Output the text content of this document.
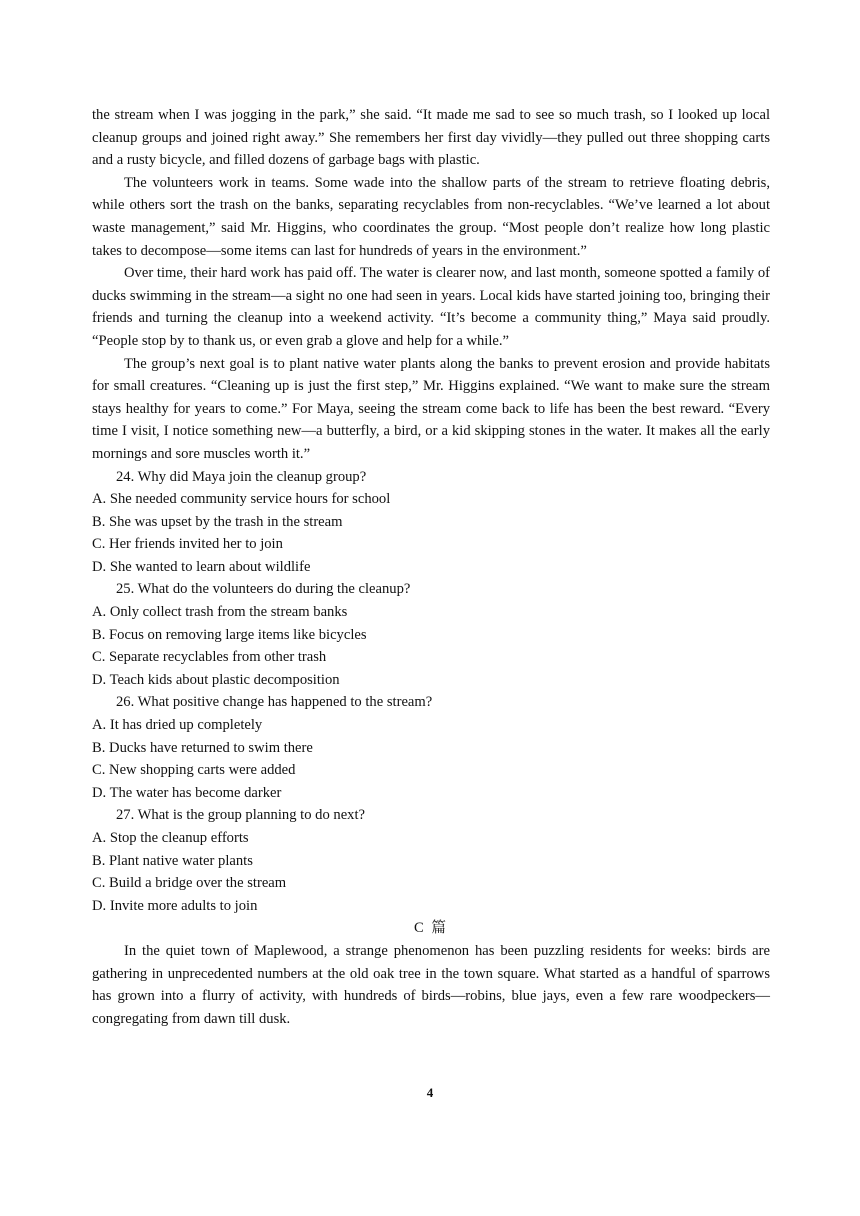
the stream when I was jogging in the park,” she said. “It made me sad to see so much trash, so I looked up local cleanup groups and joined right away.” She remembers her first day vividly—they pulled out three shopping carts and a rusty bicycle, and filled dozens of garbage bags with plastic.

The volunteers work in teams. Some wade into the shallow parts of the stream to retrieve floating debris, while others sort the trash on the banks, separating recyclables from non-recyclables. “We’ve learned a lot about waste management,” said Mr. Higgins, who coordinates the group. “Most people don’t realize how long plastic takes to decompose—some items can last for hundreds of years in the environment.”

Over time, their hard work has paid off. The water is clearer now, and last month, someone spotted a family of ducks swimming in the stream—a sight no one had seen in years. Local kids have started joining too, bringing their friends and turning the cleanup into a weekend activity. “It’s become a community thing,” Maya said proudly. “People stop by to thank us, or even grab a glove and help for a while.”

The group’s next goal is to plant native water plants along the banks to prevent erosion and provide habitats for small creatures. “Cleaning up is just the first step,” Mr. Higgins explained. “We want to make sure the stream stays healthy for years to come.” For Maya, seeing the stream come back to life has been the best reward. “Every time I visit, I notice something new—a butterfly, a bird, or a kid skipping stones in the water. It makes all the early mornings and sore muscles worth it.”

24. Why did Maya join the cleanup group?

A. She needed community service hours for school

B. She was upset by the trash in the stream

C. Her friends invited her to join

D. She wanted to learn about wildlife

25. What do the volunteers do during the cleanup?

A. Only collect trash from the stream banks

B. Focus on removing large items like bicycles

C. Separate recyclables from other trash

D. Teach kids about plastic decomposition

26. What positive change has happened to the stream?

A. It has dried up completely

B. Ducks have returned to swim there

C. New shopping carts were added

D. The water has become darker

27. What is the group planning to do next?

A. Stop the cleanup efforts

B. Plant native water plants

C. Build a bridge over the stream

D. Invite more adults to join

C 篇

In the quiet town of Maplewood, a strange phenomenon has been puzzling residents for weeks: birds are gathering in unprecedented numbers at the old oak tree in the town square. What started as a handful of sparrows has grown into a flurry of activity, with hundreds of birds—robins, blue jays, even a few rare woodpeckers—congregating from dawn till dusk.

4
